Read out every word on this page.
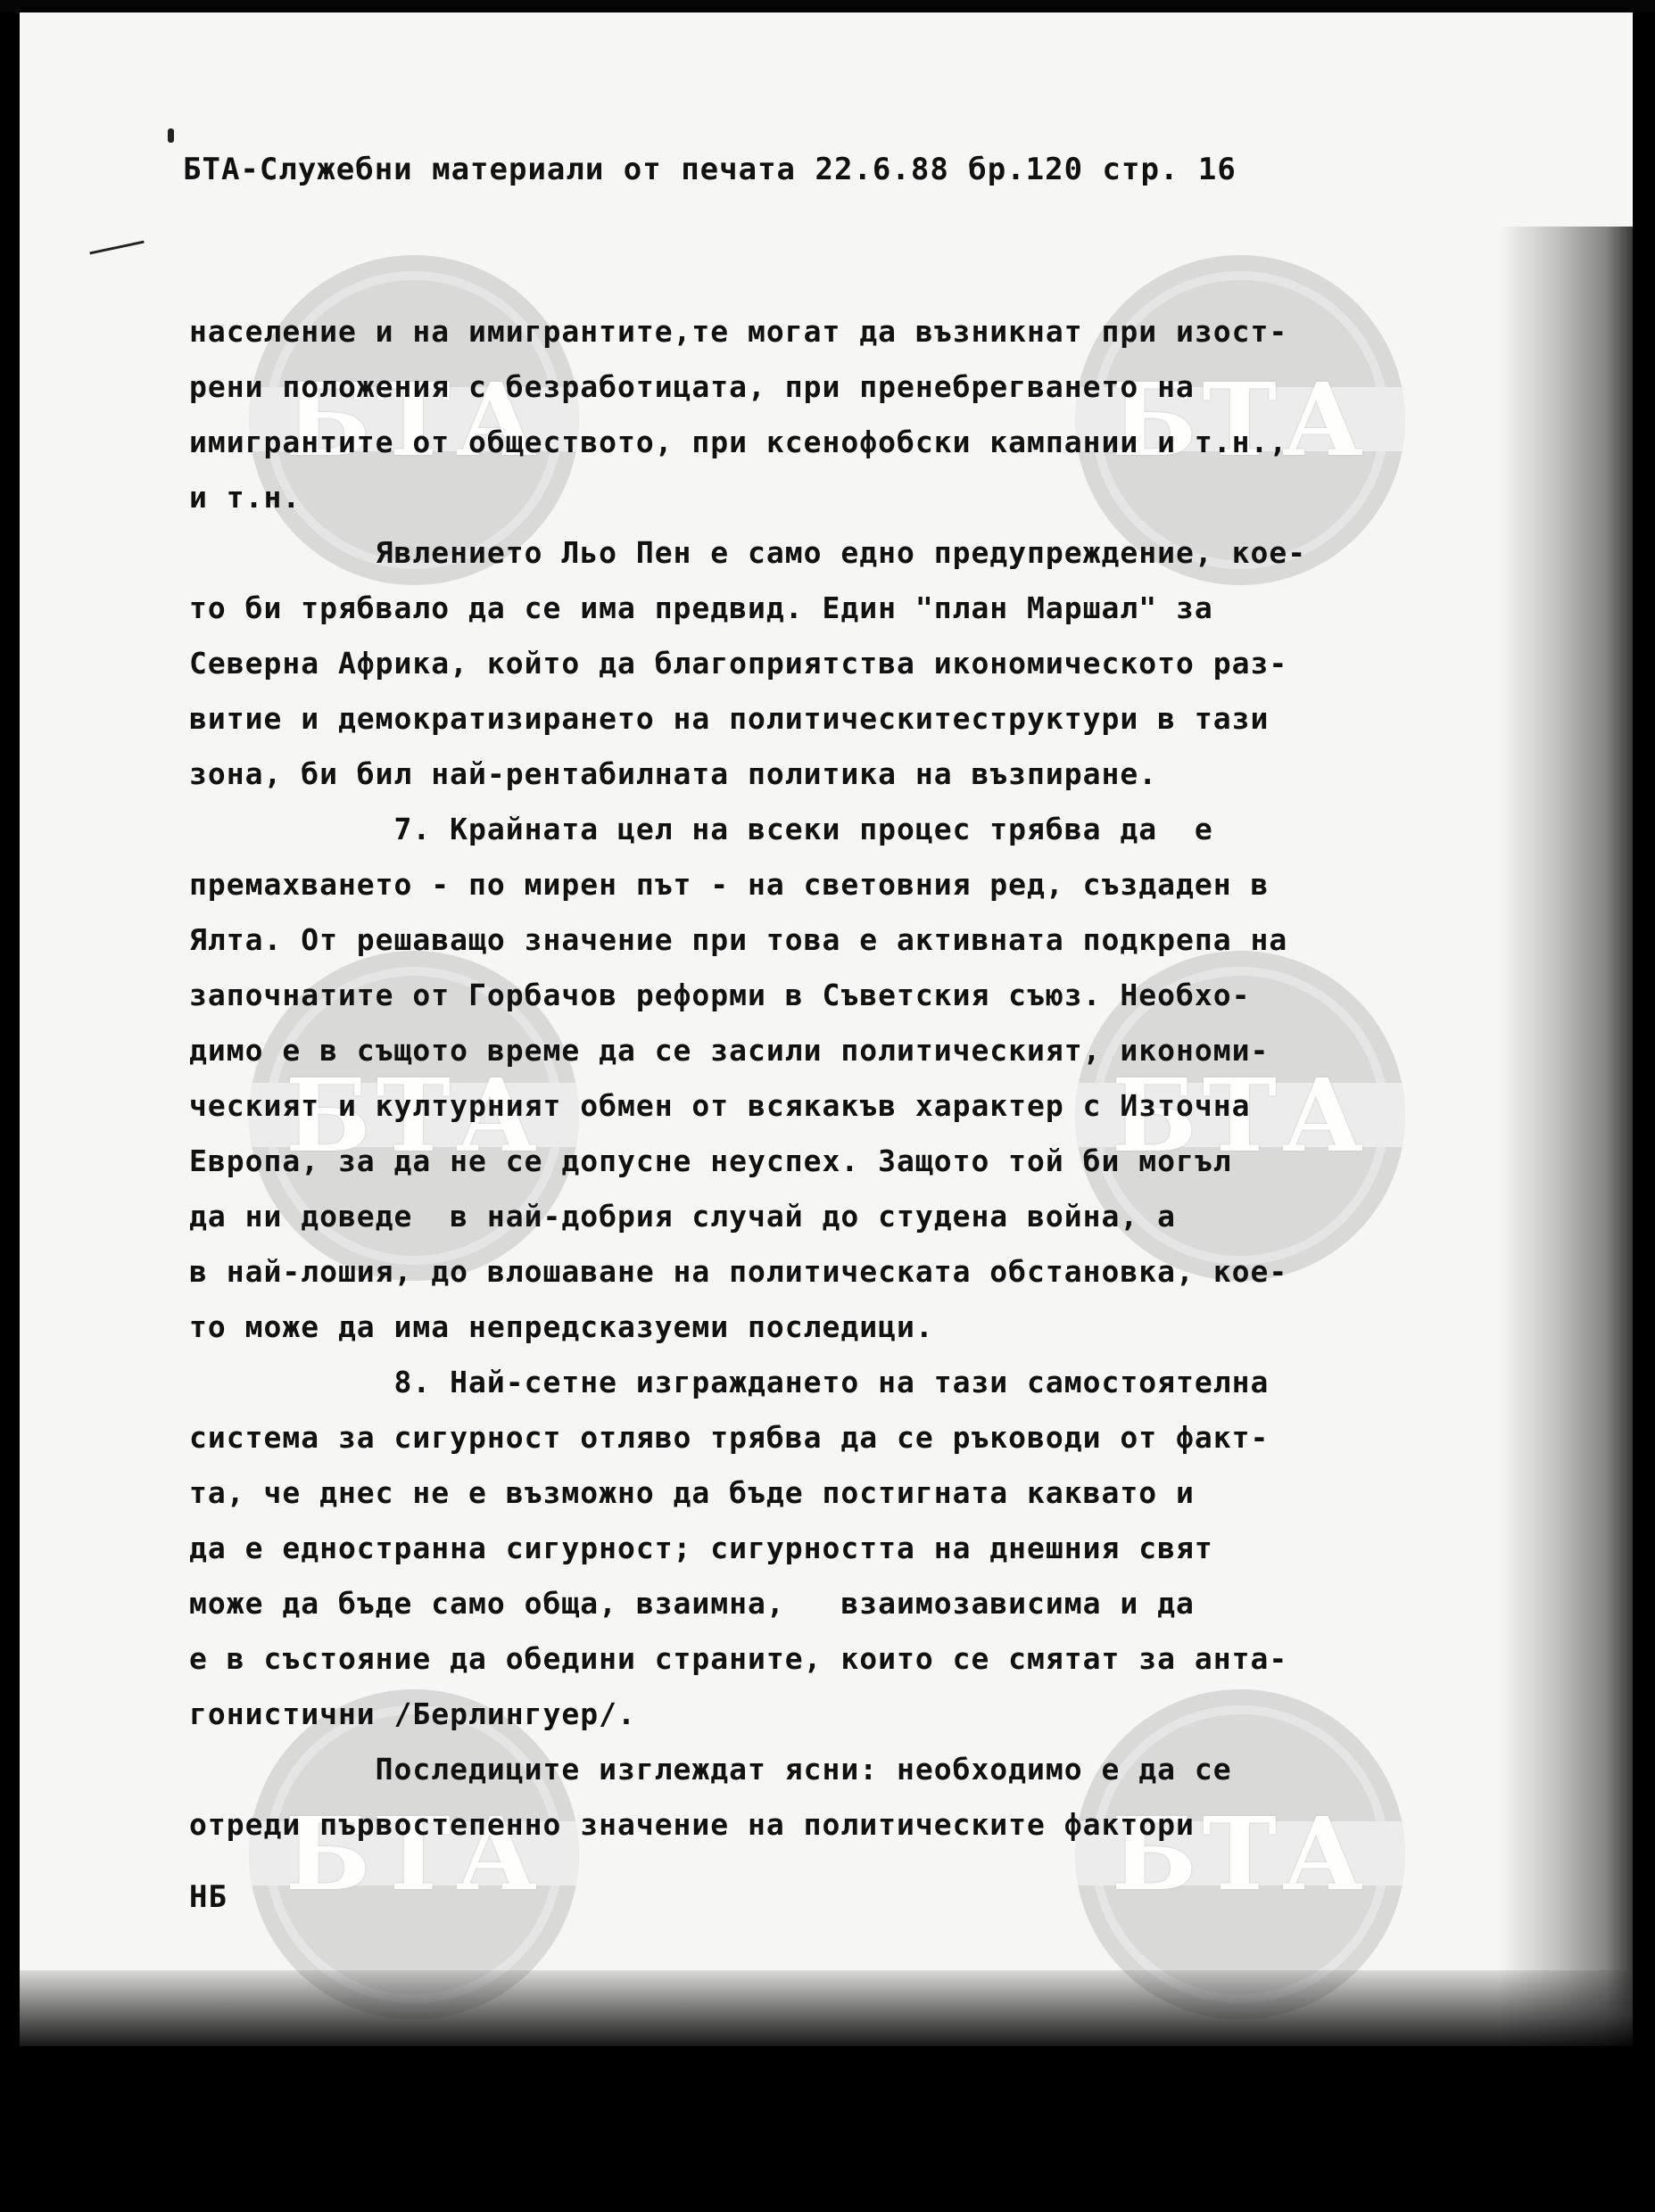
БТА	БТА
БТА	БТА
БТА	БТА
БТА-Служебни материали от печата 22.6.88 бр.120 стр. 16
население и на имигрантите,те могат да възникнат при изост-
рени положения с безработицата, при пренебрегването на
имигрантите от обществото, при ксенофобски кампании и т.н.,
и т.н.
Явлението Льо Пен е само едно предупреждение, кое-
то би трябвало да се има предвид. Един "план Маршал" за
Северна Африка, който да благоприятства икономическото раз-
витие и демократизирането на политическитеструктури в тази
зона, би бил най-рентабилната политика на възпиране.
7. Крайната цел на всеки процес трябва да  е
премахването - по мирен път - на световния ред, създаден в
Ялта. От решаващо значение при това е активната подкрепа на
започнатите от Горбачов реформи в Съветския съюз. Необхо-
димо е в същото време да се засили политическият, икономи-
ческият и културният обмен от всякакъв характер с Източна
Европа, за да не се допусне неуспех. Защото той би могъл
да ни доведе  в най-добрия случай до студена война, а
в най-лошия, до влошаване на политическата обстановка, кое-
то може да има непредсказуеми последици.
8. Най-сетне изграждането на тази самостоятелна
система за сигурност отляво трябва да се ръководи от факт-
та, че днес не е възможно да бъде постигната каквато и
да е едностранна сигурност; сигурността на днешния свят
може да бъде само обща, взаимна,   взаимозависима и да
е в състояние да обедини страните, които се смятат за анта-
гонистични /Берлингуер/.
Последиците изглеждат ясни: необходимо е да се
отреди първостепенно значение на политическите фактори
НБ
